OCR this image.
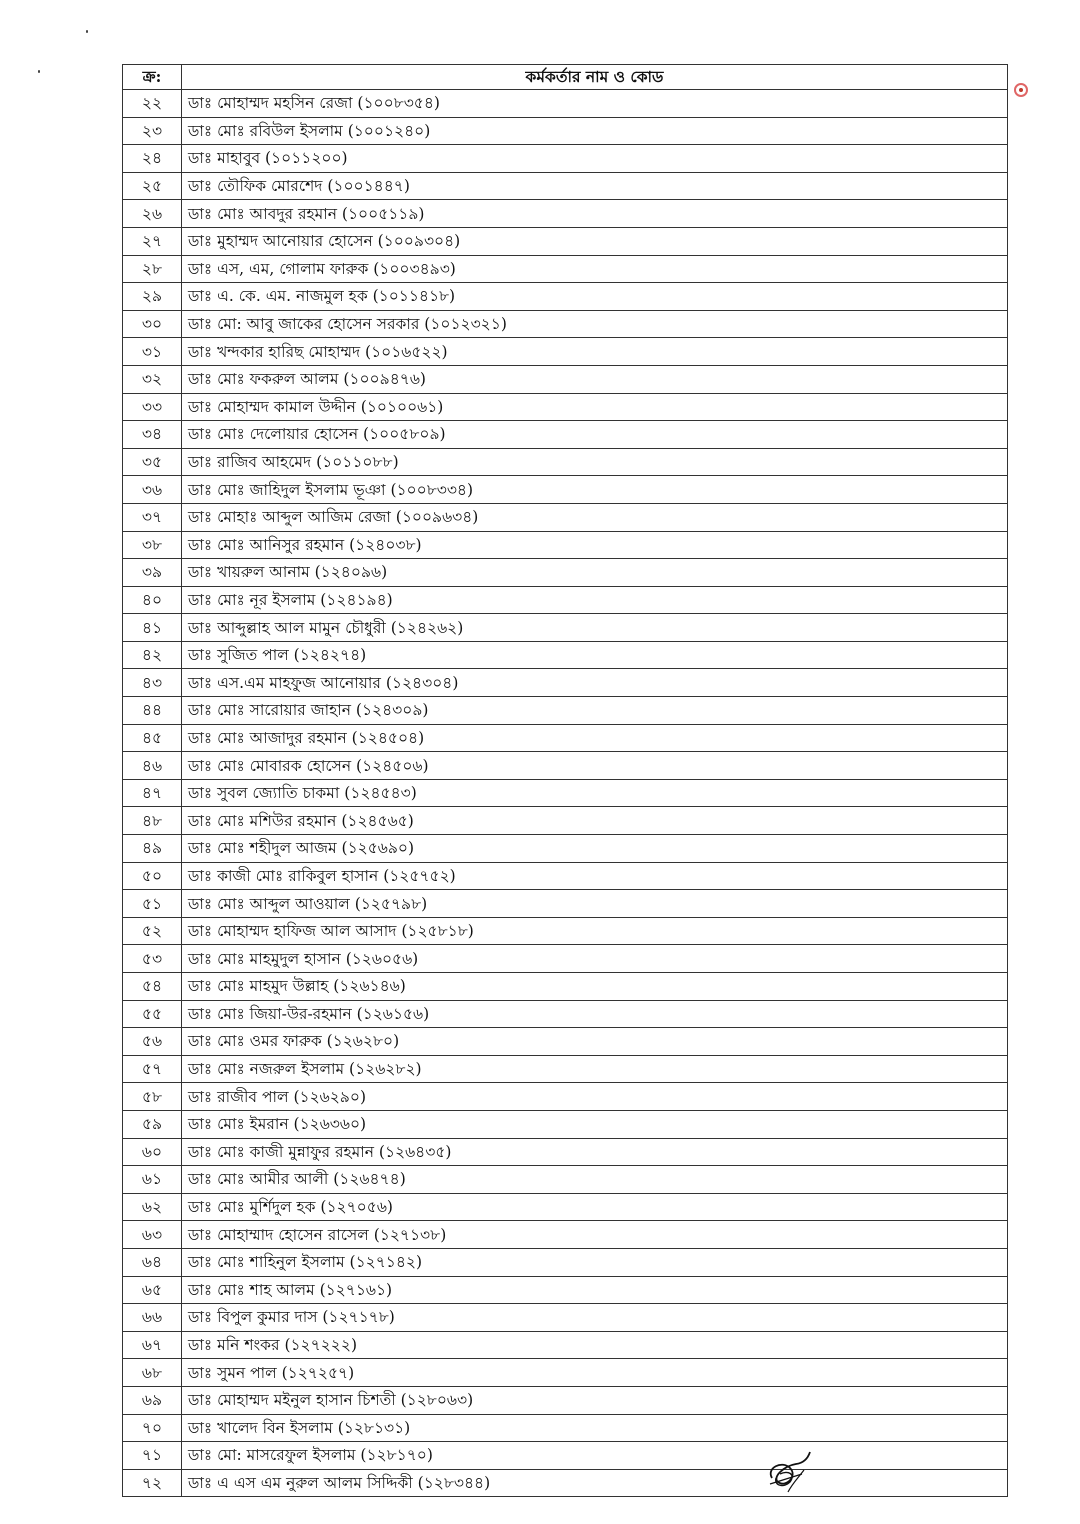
ক্র:	কর্মকর্তার নাম ও কোড
২২	ডাঃ মোহাম্মদ মহসিন রেজা (১০০৮৩৫৪)
২৩	ডাঃ মোঃ রবিউল ইসলাম (১০০১২৪০)
২৪	ডাঃ মাহাবুব (১০১১২০০)
২৫	ডাঃ তৌফিক মোরশেদ (১০০১৪৪৭)
২৬	ডাঃ মোঃ আবদুর রহমান (১০০৫১১৯)
২৭	ডাঃ মুহাম্মদ আনোয়ার হোসেন (১০০৯৩০৪)
২৮	ডাঃ এস, এম, গোলাম ফারুক (১০০৩৪৯৩)
২৯	ডাঃ এ. কে. এম. নাজমুল হক (১০১১৪১৮)
৩০	ডাঃ মো: আবু জাকের হোসেন সরকার (১০১২৩২১)
৩১	ডাঃ খন্দকার হারিছ মোহাম্মদ (১০১৬৫২২)
৩২	ডাঃ মোঃ ফকরুল আলম (১০০৯৪৭৬)
৩৩	ডাঃ মোহাম্মদ কামাল উদ্দীন (১০১০০৬১)
৩৪	ডাঃ মোঃ দেলোয়ার হোসেন (১০০৫৮০৯)
৩৫	ডাঃ রাজিব আহমেদ (১০১১০৮৮)
৩৬	ডাঃ মোঃ জাহিদুল ইসলাম ভূঞা (১০০৮৩৩৪)
৩৭	ডাঃ মোহাঃ আব্দুল আজিম রেজা (১০০৯৬৩৪)
৩৮	ডাঃ মোঃ আনিসুর রহমান (১২৪০৩৮)
৩৯	ডাঃ খায়রুল আনাম (১২৪০৯৬)
৪০	ডাঃ মোঃ নূর ইসলাম (১২৪১৯৪)
৪১	ডাঃ আব্দুল্লাহ আল মামুন চৌধুরী (১২৪২৬২)
৪২	ডাঃ সুজিত পাল (১২৪২৭৪)
৪৩	ডাঃ এস.এম মাহফুজ আনোয়ার (১২৪৩০৪)
৪৪	ডাঃ মোঃ সারোয়ার জাহান (১২৪৩০৯)
৪৫	ডাঃ মোঃ আজাদুর রহমান (১২৪৫০৪)
৪৬	ডাঃ মোঃ মোবারক হোসেন (১২৪৫০৬)
৪৭	ডাঃ সুবল জ্যোতি চাকমা (১২৪৫৪৩)
৪৮	ডাঃ মোঃ মশিউর রহমান (১২৪৫৬৫)
৪৯	ডাঃ মোঃ শহীদুল আজম (১২৫৬৯০)
৫০	ডাঃ কাজী মোঃ রাকিবুল হাসান (১২৫৭৫২)
৫১	ডাঃ মোঃ আব্দুল আওয়াল (১২৫৭৯৮)
৫২	ডাঃ মোহাম্মদ হাফিজ আল আসাদ (১২৫৮১৮)
৫৩	ডাঃ মোঃ মাহমুদুল হাসান (১২৬০৫৬)
৫৪	ডাঃ মোঃ মাহমুদ উল্লাহ (১২৬১৪৬)
৫৫	ডাঃ মোঃ জিয়া-উর-রহমান (১২৬১৫৬)
৫৬	ডাঃ মোঃ ওমর ফারুক (১২৬২৮০)
৫৭	ডাঃ মোঃ নজরুল ইসলাম (১২৬২৮২)
৫৮	ডাঃ রাজীব পাল (১২৬২৯০)
৫৯	ডাঃ মোঃ ইমরান (১২৬৩৬০)
৬০	ডাঃ মোঃ কাজী মুন্নাফুর রহমান (১২৬৪৩৫)
৬১	ডাঃ মোঃ আমীর আলী (১২৬৪৭৪)
৬২	ডাঃ মোঃ মুর্শিদুল হক (১২৭০৫৬)
৬৩	ডাঃ মোহাম্মাদ হোসেন রাসেল (১২৭১৩৮)
৬৪	ডাঃ মোঃ শাহিনুল ইসলাম (১২৭১৪২)
৬৫	ডাঃ মোঃ শাহ আলম (১২৭১৬১)
৬৬	ডাঃ বিপুল কুমার দাস (১২৭১৭৮)
৬৭	ডাঃ মনি শংকর (১২৭২২২)
৬৮	ডাঃ সুমন পাল (১২৭২৫৭)
৬৯	ডাঃ মোহাম্মদ মইনুল হাসান চিশতী (১২৮০৬৩)
৭০	ডাঃ খালেদ বিন ইসলাম (১২৮১৩১)
৭১	ডাঃ মো: মাসরেফুল ইসলাম (১২৮১৭০)
৭২	ডাঃ এ এস এম নুরুল আলম সিদ্দিকী (১২৮৩৪৪)
